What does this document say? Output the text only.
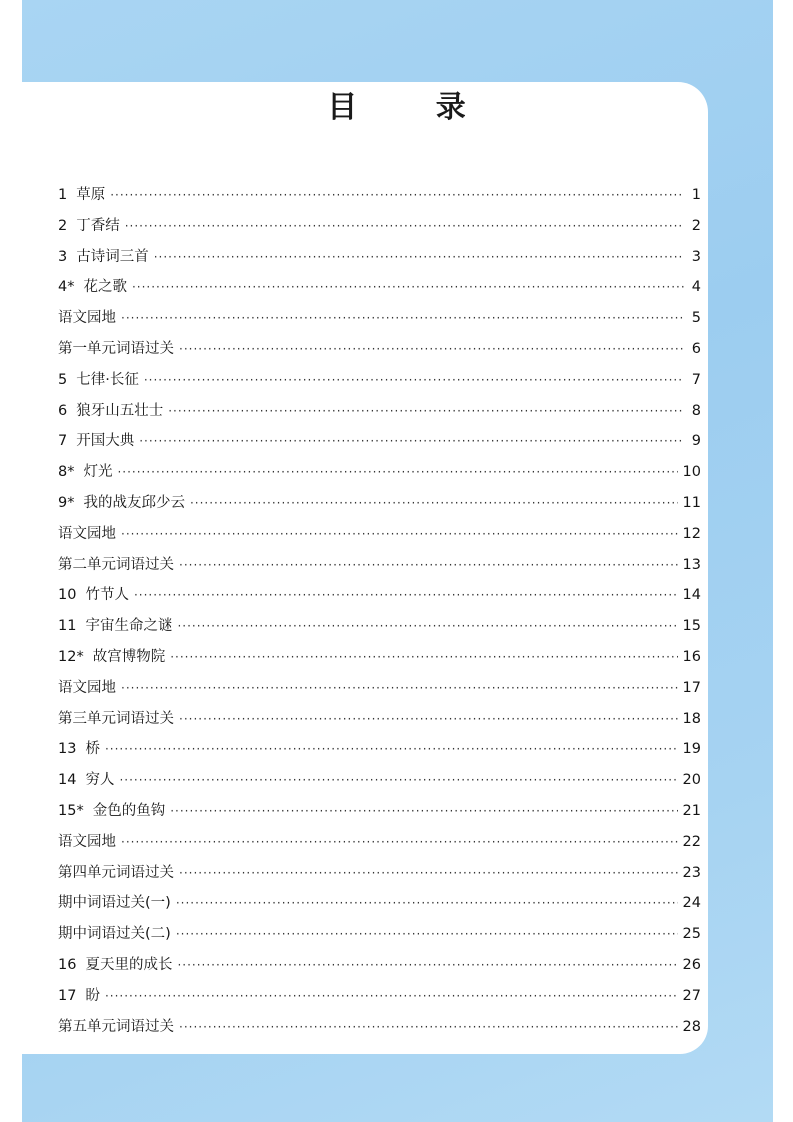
目 录
1 草原 ·····	1
2 丁香结 ·····	2
3 古诗词三首 ·····	3
4* 花之歌 ·····	4
语文园地 ·····	5
第一单元词语过关 ·····	6
5 七律·长征 ·····	7
6 狼牙山五壮士 ·····	8
7 开国大典 ·····	9
8* 灯光 ·····	10
9* 我的战友邱少云 ·····	11
语文园地 ·····	12
第二单元词语过关 ·····	13
10 竹节人 ·····	14
11 宇宙生命之谜 ·····	15
12* 故宫博物院 ·····	16
语文园地 ·····	17
第三单元词语过关 ·····	18
13 桥 ·····	19
14 穷人 ·····	20
15* 金色的鱼钩 ·····	21
语文园地 ·····	22
第四单元词语过关 ·····	23
期中词语过关(一) ·····	24
期中词语过关(二) ·····	25
16 夏天里的成长 ·····	26
17 盼 ·····	27
第五单元词语过关 ·····	28
